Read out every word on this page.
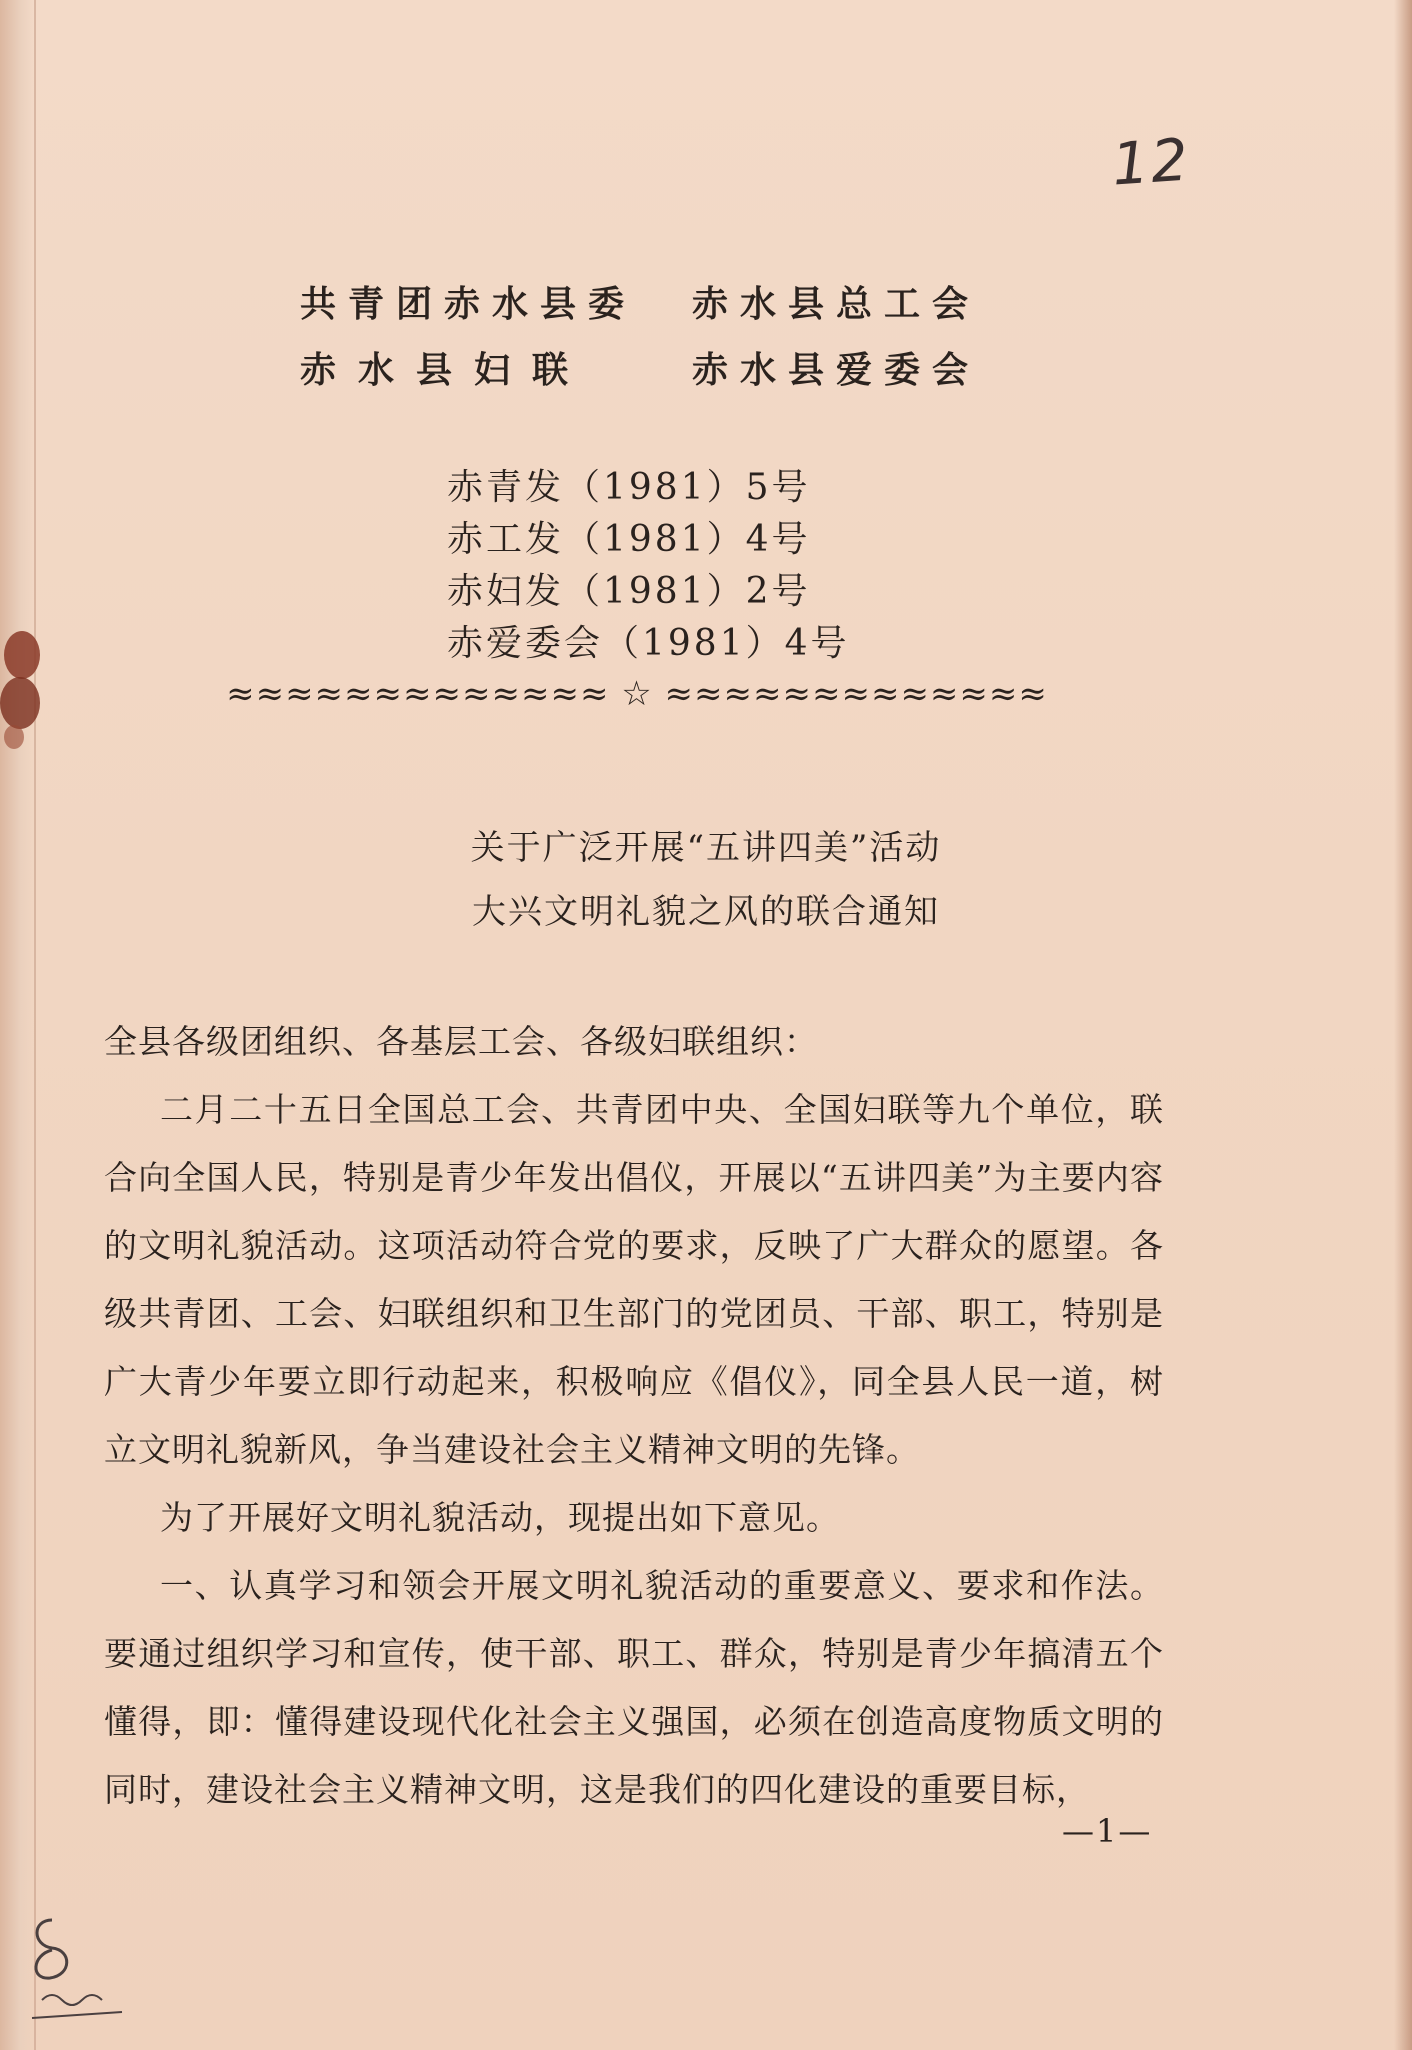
12
共青团赤水县委	赤水县总工会
赤水县妇联	赤水县爱委会
赤青发（1981）5号
赤工发（1981）4号
赤妇发（1981）2号
赤爱委会（1981）4号
≈≈≈≈≈≈≈≈≈≈≈≈≈ ☆ ≈≈≈≈≈≈≈≈≈≈≈≈≈
关于广泛开展“五讲四美”活动
大兴文明礼貌之风的联合通知

全县各级团组织、各基层工会、各级妇联组织：

二月二十五日全国总工会、共青团中央、全国妇联等九个单位，联合向全国人民，特别是青少年发出倡仪，开展以“五讲四美”为主要内容的文明礼貌活动。这项活动符合党的要求，反映了广大群众的愿望。各级共青团、工会、妇联组织和卫生部门的党团员、干部、职工，特别是广大青少年要立即行动起来，积极响应《倡仪》，同全县人民一道，树立文明礼貌新风，争当建设社会主义精神文明的先锋。

为了开展好文明礼貌活动，现提出如下意见。

一、认真学习和领会开展文明礼貌活动的重要意义、要求和作法。要通过组织学习和宣传，使干部、职工、群众，特别是青少年搞清五个懂得，即：懂得建设现代化社会主义强国，必须在创造高度物质文明的同时，建设社会主义精神文明，这是我们的四化建设的重要目标，

—1—
